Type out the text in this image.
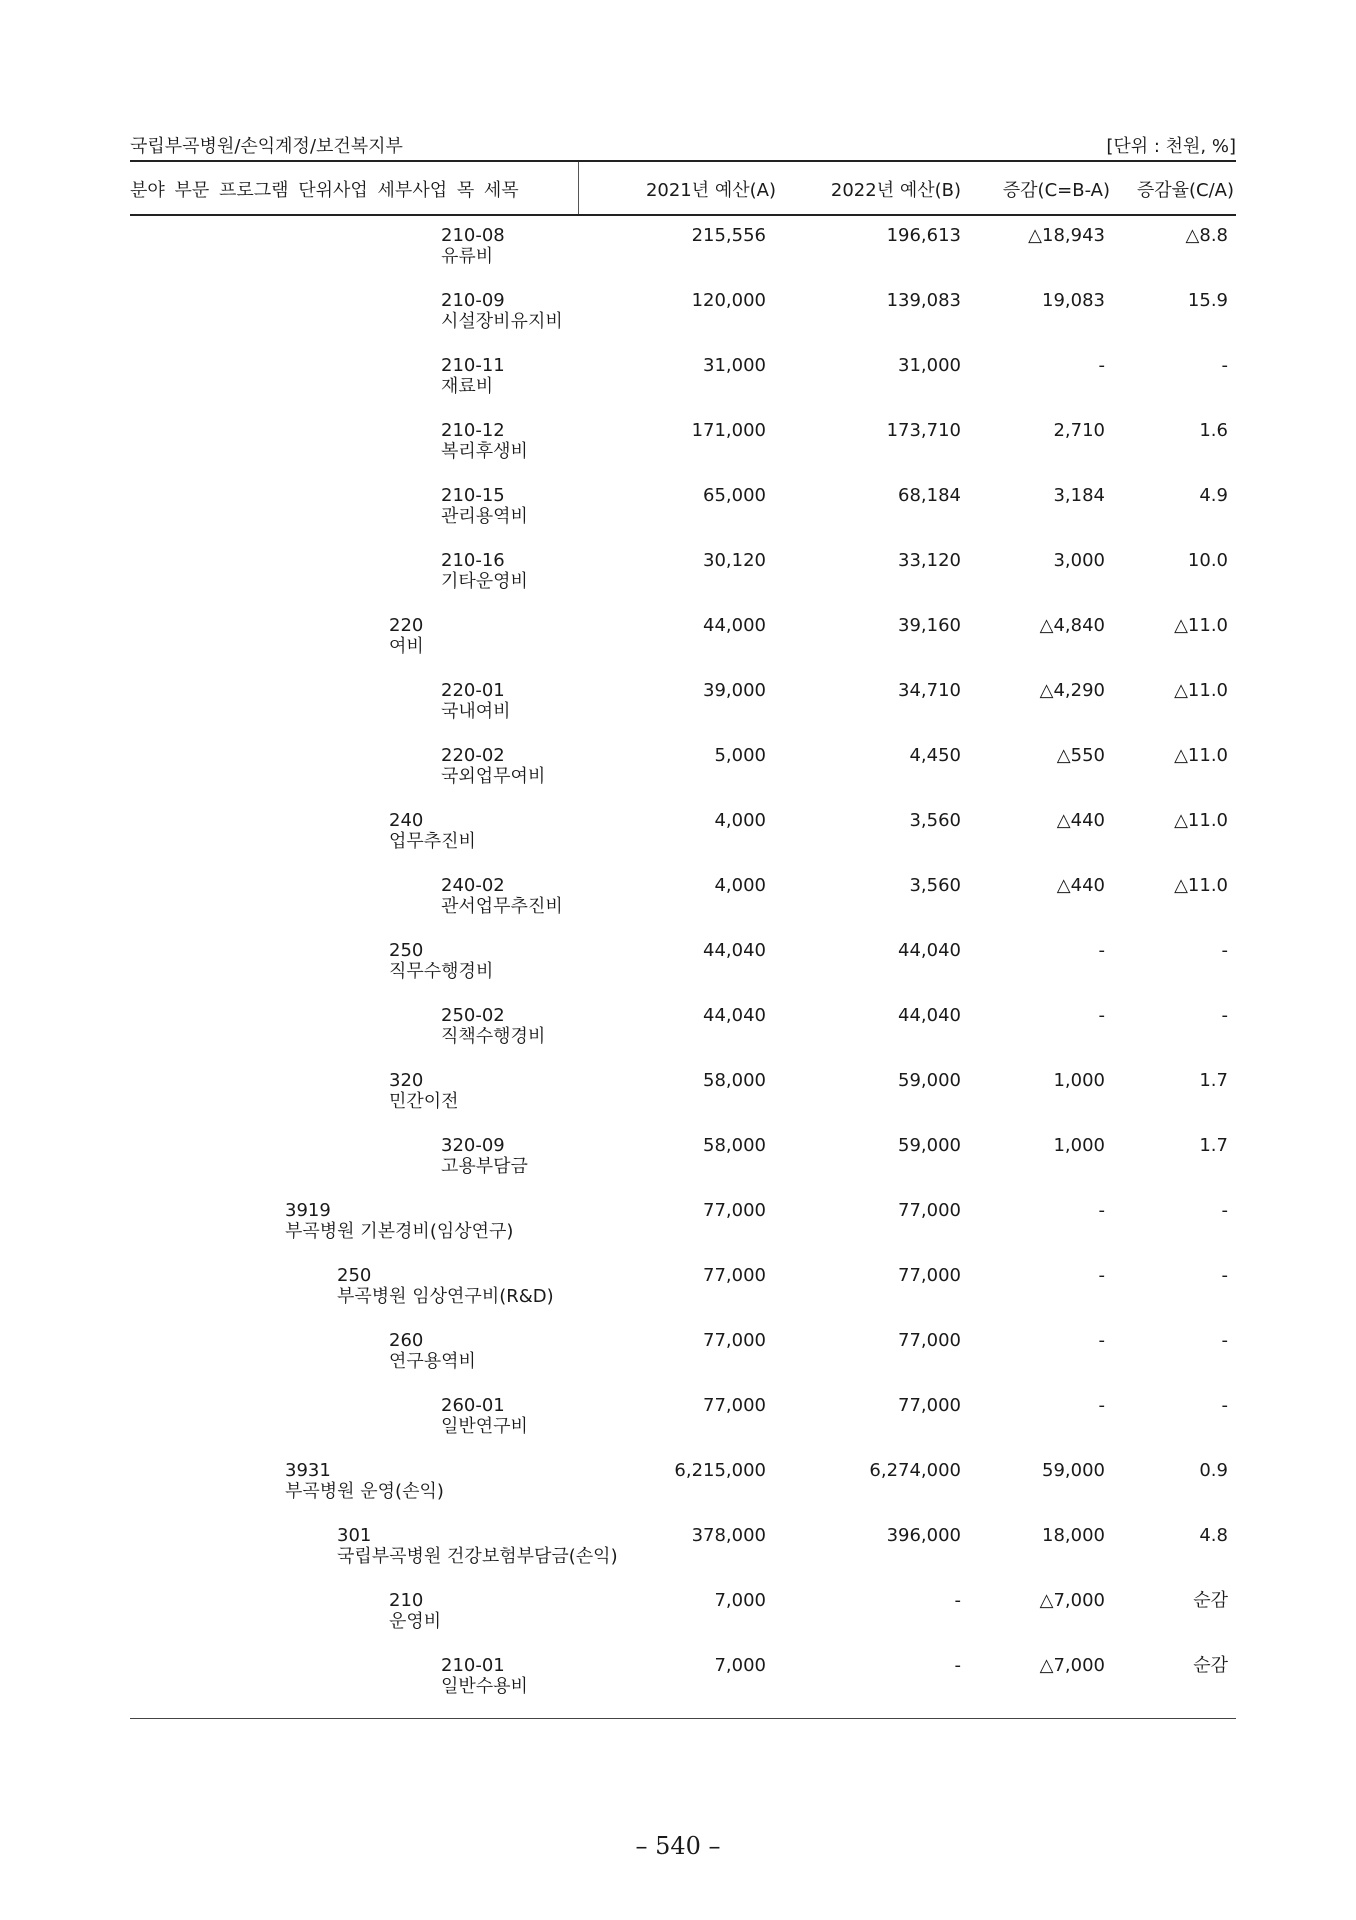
국립부곡병원/손익계정/보건복지부	[단위 : 천원, %]
분야 부문 프로그램 단위사업 세부사업 목 세목	2021년 예산(A)	2022년 예산(B) 증감(C=B-A) 증감율(C/A)
210-08
유류비
215,556	196,613	△18,943	△8.8
210-09
시설장비유지비
120,000	139,083	19,083	15.9
210-11
재료비
31,000	31,000	-	-
210-12
복리후생비
171,000	173,710	2,710	1.6
210-15
관리용역비
65,000	68,184	3,184	4.9
210-16
기타운영비
30,120	33,120	3,000	10.0
220
여비
44,000	39,160	△4,840	△11.0
220-01
국내여비
39,000	34,710	△4,290	△11.0
220-02
국외업무여비
5,000	4,450	△550	△11.0
240
업무추진비
4,000	3,560	△440	△11.0
240-02
관서업무추진비
4,000	3,560	△440	△11.0
250
직무수행경비
44,040	44,040	-	-
250-02
직책수행경비
44,040	44,040	-	-
320
민간이전
58,000	59,000	1,000	1.7
320-09
고용부담금
58,000	59,000	1,000	1.7
3919
부곡병원 기본경비(임상연구)
77,000	77,000	-	-
250
부곡병원 임상연구비(R&D)
77,000	77,000	-	-
260
연구용역비
77,000	77,000	-	-
260-01
일반연구비
77,000	77,000	-	-
3931
부곡병원 운영(손익)
6,215,000	6,274,000	59,000	0.9
301
국립부곡병원 건강보험부담금(손익)
378,000	396,000	18,000	4.8
210
운영비
7,000	-	△7,000	순감
210-01
일반수용비
7,000	-	△7,000	순감
– 540 –
